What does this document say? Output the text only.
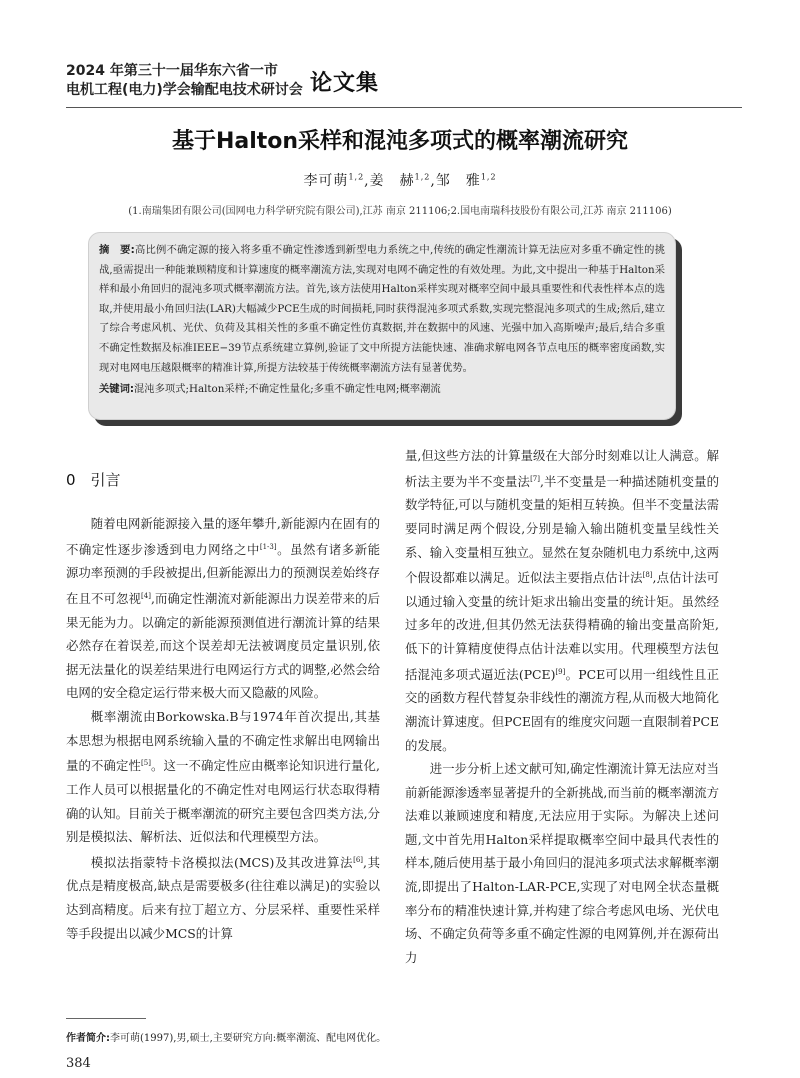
2024 年第三十一届华东六省一市
电机工程(电力)学会输配电技术研讨会 论文集
基于Halton采样和混沌多项式的概率潮流研究
李可萌$^{1,2}$,姜　赫$^{1,2}$,邹　雅$^{1,2}$
(1.南瑞集团有限公司(国网电力科学研究院有限公司),江苏 南京 211106;2.国电南瑞科技股份有限公司,江苏 南京 211106)
摘　要:高比例不确定源的接入将多重不确定性渗透到新型电力系统之中,传统的确定性潮流计算无法应对多重不确定性的挑战,亟需提出一种能兼顾精度和计算速度的概率潮流方法,实现对电网不确定性的有效处理。为此,文中提出一种基于Halton采样和最小角回归的混沌多项式概率潮流方法。首先,该方法使用Halton采样实现对概率空间中最具重要性和代表性样本点的选取,并使用最小角回归法(LAR)大幅减少PCE生成的时间损耗,同时获得混沌多项式系数,实现完整混沌多项式的生成;然后,建立了综合考虑风机、光伏、负荷及其相关性的多重不确定性仿真数据,并在数据中的风速、光强中加入高斯噪声;最后,结合多重不确定性数据及标准IEEE−39节点系统建立算例,验证了文中所提方法能快速、准确求解电网各节点电压的概率密度函数,实现对电网电压越限概率的精准计算,所提方法较基于传统概率潮流方法有显著优势。
关键词:混沌多项式;Halton采样;不确定性量化;多重不确定性电网;概率潮流
0　引言

随着电网新能源接入量的逐年攀升,新能源内在固有的不确定性逐步渗透到电力网络之中[1-3]。虽然有诸多新能源功率预测的手段被提出,但新能源出力的预测误差始终存在且不可忽视[4],而确定性潮流对新能源出力误差带来的后果无能为力。以确定的新能源预测值进行潮流计算的结果必然存在着误差,而这个误差却无法被调度员定量识别,依据无法量化的误差结果进行电网运行方式的调整,必然会给电网的安全稳定运行带来极大而又隐蔽的风险。

概率潮流由Borkowska.B与1974年首次提出,其基本思想为根据电网系统输入量的不确定性求解出电网输出量的不确定性[5]。这一不确定性应由概率论知识进行量化,工作人员可以根据量化的不确定性对电网运行状态取得精确的认知。目前关于概率潮流的研究主要包含四类方法,分别是模拟法、解析法、近似法和代理模型方法。

模拟法指蒙特卡洛模拟法(MCS)及其改进算法[6],其优点是精度极高,缺点是需要极多(往往难以满足)的实验以达到高精度。后来有拉丁超立方、分层采样、重要性采样等手段提出以减少MCS的计算

量,但这些方法的计算量级在大部分时刻难以让人满意。解析法主要为半不变量法[7],半不变量是一种描述随机变量的数学特征,可以与随机变量的矩相互转换。但半不变量法需要同时满足两个假设,分别是输入输出随机变量呈线性关系、输入变量相互独立。显然在复杂随机电力系统中,这两个假设都难以满足。近似法主要指点估计法[8],点估计法可以通过输入变量的统计矩求出输出变量的统计矩。虽然经过多年的改进,但其仍然无法获得精确的输出变量高阶矩,低下的计算精度使得点估计法难以实用。代理模型方法包括混沌多项式逼近法(PCE)[9]。PCE可以用一组线性且正交的函数方程代替复杂非线性的潮流方程,从而极大地简化潮流计算速度。但PCE固有的维度灾问题一直限制着PCE的发展。

进一步分析上述文献可知,确定性潮流计算无法应对当前新能源渗透率显著提升的全新挑战,而当前的概率潮流方法难以兼顾速度和精度,无法应用于实际。为解决上述问题,文中首先用Halton采样提取概率空间中最具代表性的样本,随后使用基于最小角回归的混沌多项式法求解概率潮流,即提出了Halton-LAR-PCE,实现了对电网全状态量概率分布的精准快速计算,并构建了综合考虑风电场、光伏电场、不确定负荷等多重不确定性源的电网算例,并在源荷出力

作者简介:李可萌(1997),男,硕士,主要研究方向:概率潮流、配电网优化。
384
